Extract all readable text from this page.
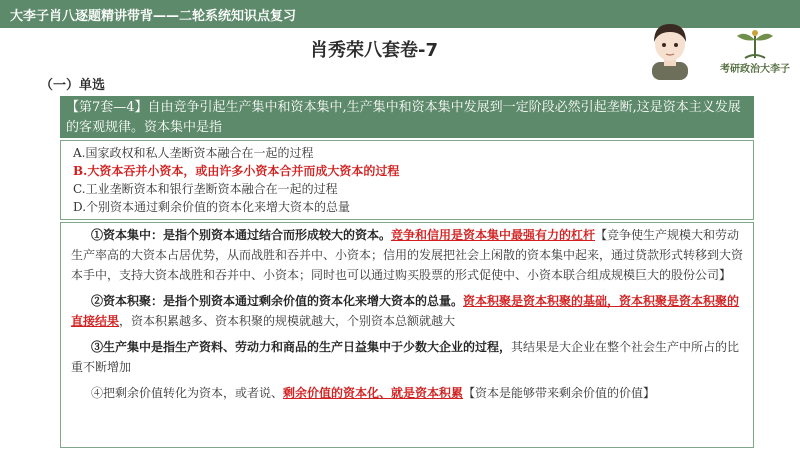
大李子肖八逐题精讲带背——二轮系统知识点复习
肖秀荣八套卷-7
考研政治大李子
（一）单选
【第7套—4】自由竞争引起生产集中和资本集中,生产集中和资本集中发展到一定阶段必然引起垄断,这是资本主义发展的客观规律。资本集中是指
A.国家政权和私人垄断资本融合在一起的过程
B.大资本吞并小资本，或由许多小资本合并而成大资本的过程
C.工业垄断资本和银行垄断资本融合在一起的过程
D.个别资本通过剩余价值的资本化来增大资本的总量

①资本集中：是指个别资本通过结合而形成较大的资本。竞争和信用是资本集中最强有力的杠杆【竞争使生产规模大和劳动生产率高的大资本占居优势，从而战胜和吞并中、小资本；信用的发展把社会上闲散的资本集中起来，通过贷款形式转移到大资本手中，支持大资本战胜和吞并中、小资本；同时也可以通过购买股票的形式促使中、小资本联合组成规模巨大的股份公司】

②资本积聚：是指个别资本通过剩余价值的资本化来增大资本的总量。资本积聚是资本积聚的基础，资本积聚是资本积聚的直接结果，资本积累越多、资本积聚的规模就越大，个别资本总额就越大

③生产集中是指生产资料、劳动力和商品的生产日益集中于少数大企业的过程，其结果是大企业在整个社会生产中所占的比重不断增加

④把剩余价值转化为资本，或者说、剩余价值的资本化、就是资本积累【资本是能够带来剩余价值的价值】
